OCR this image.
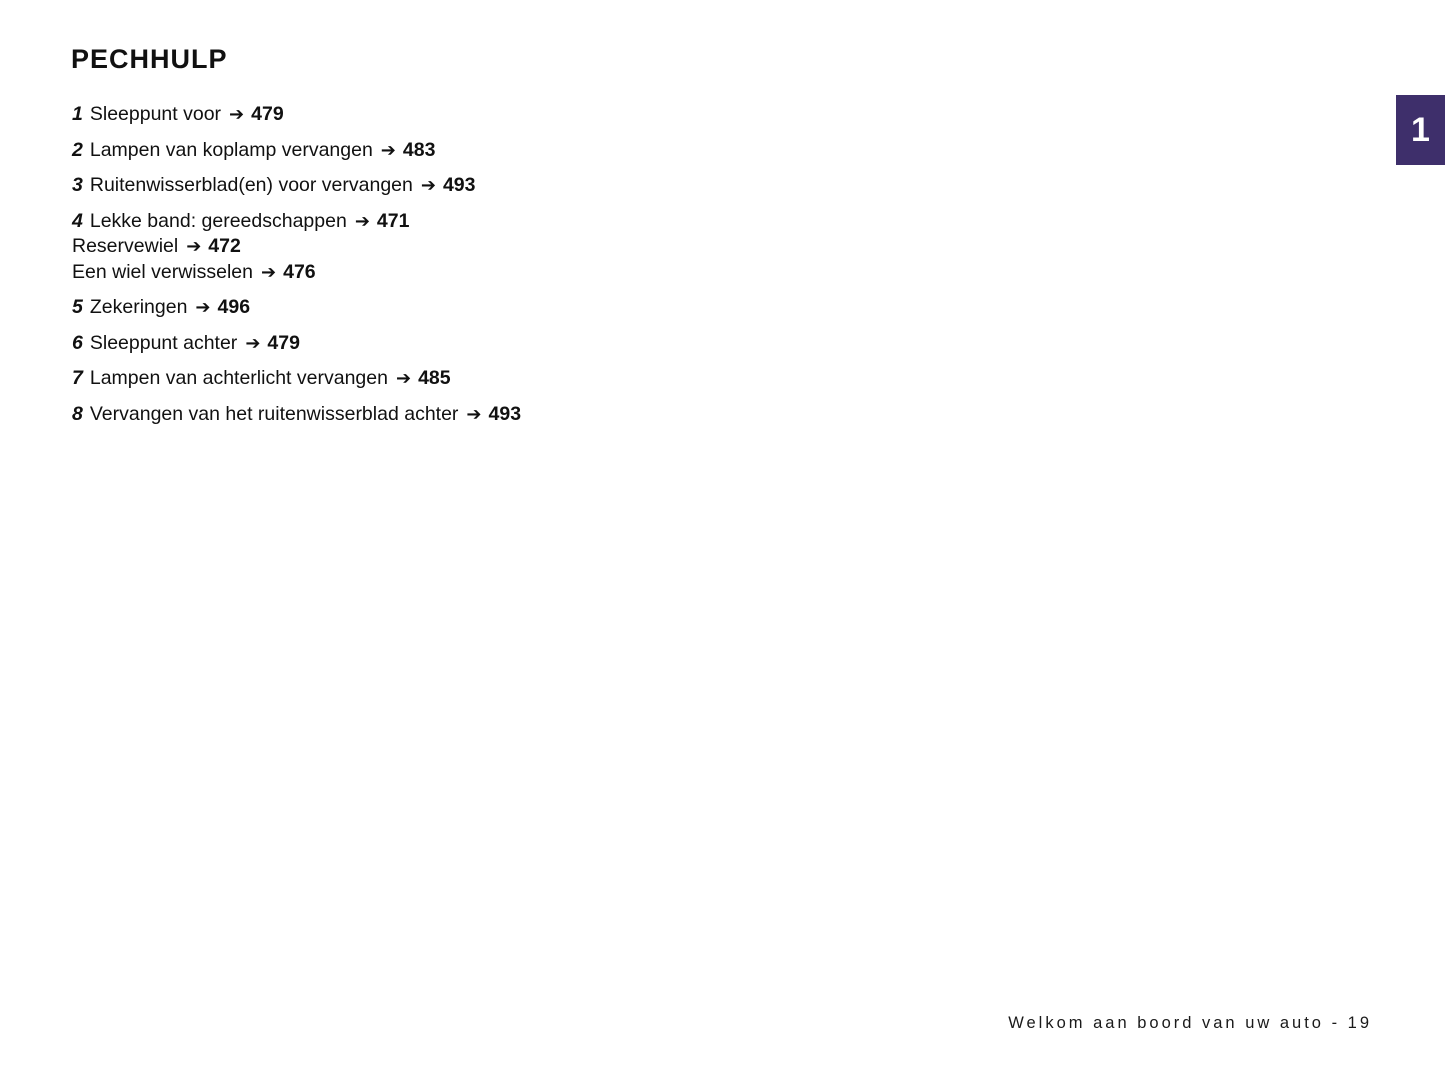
PECHHULP
1
1 Sleeppunt voor ➔ 479
2 Lampen van koplamp vervangen ➔ 483
3 Ruitenwisserblad(en) voor vervangen ➔ 493
4 Lekke band: gereedschappen ➔ 471
Reservewiel ➔ 472
Een wiel verwisselen ➔ 476
5 Zekeringen ➔ 496
6 Sleeppunt achter ➔ 479
7 Lampen van achterlicht vervangen ➔ 485
8 Vervangen van het ruitenwisserblad achter ➔ 493
Welkom aan boord van uw auto - 19
